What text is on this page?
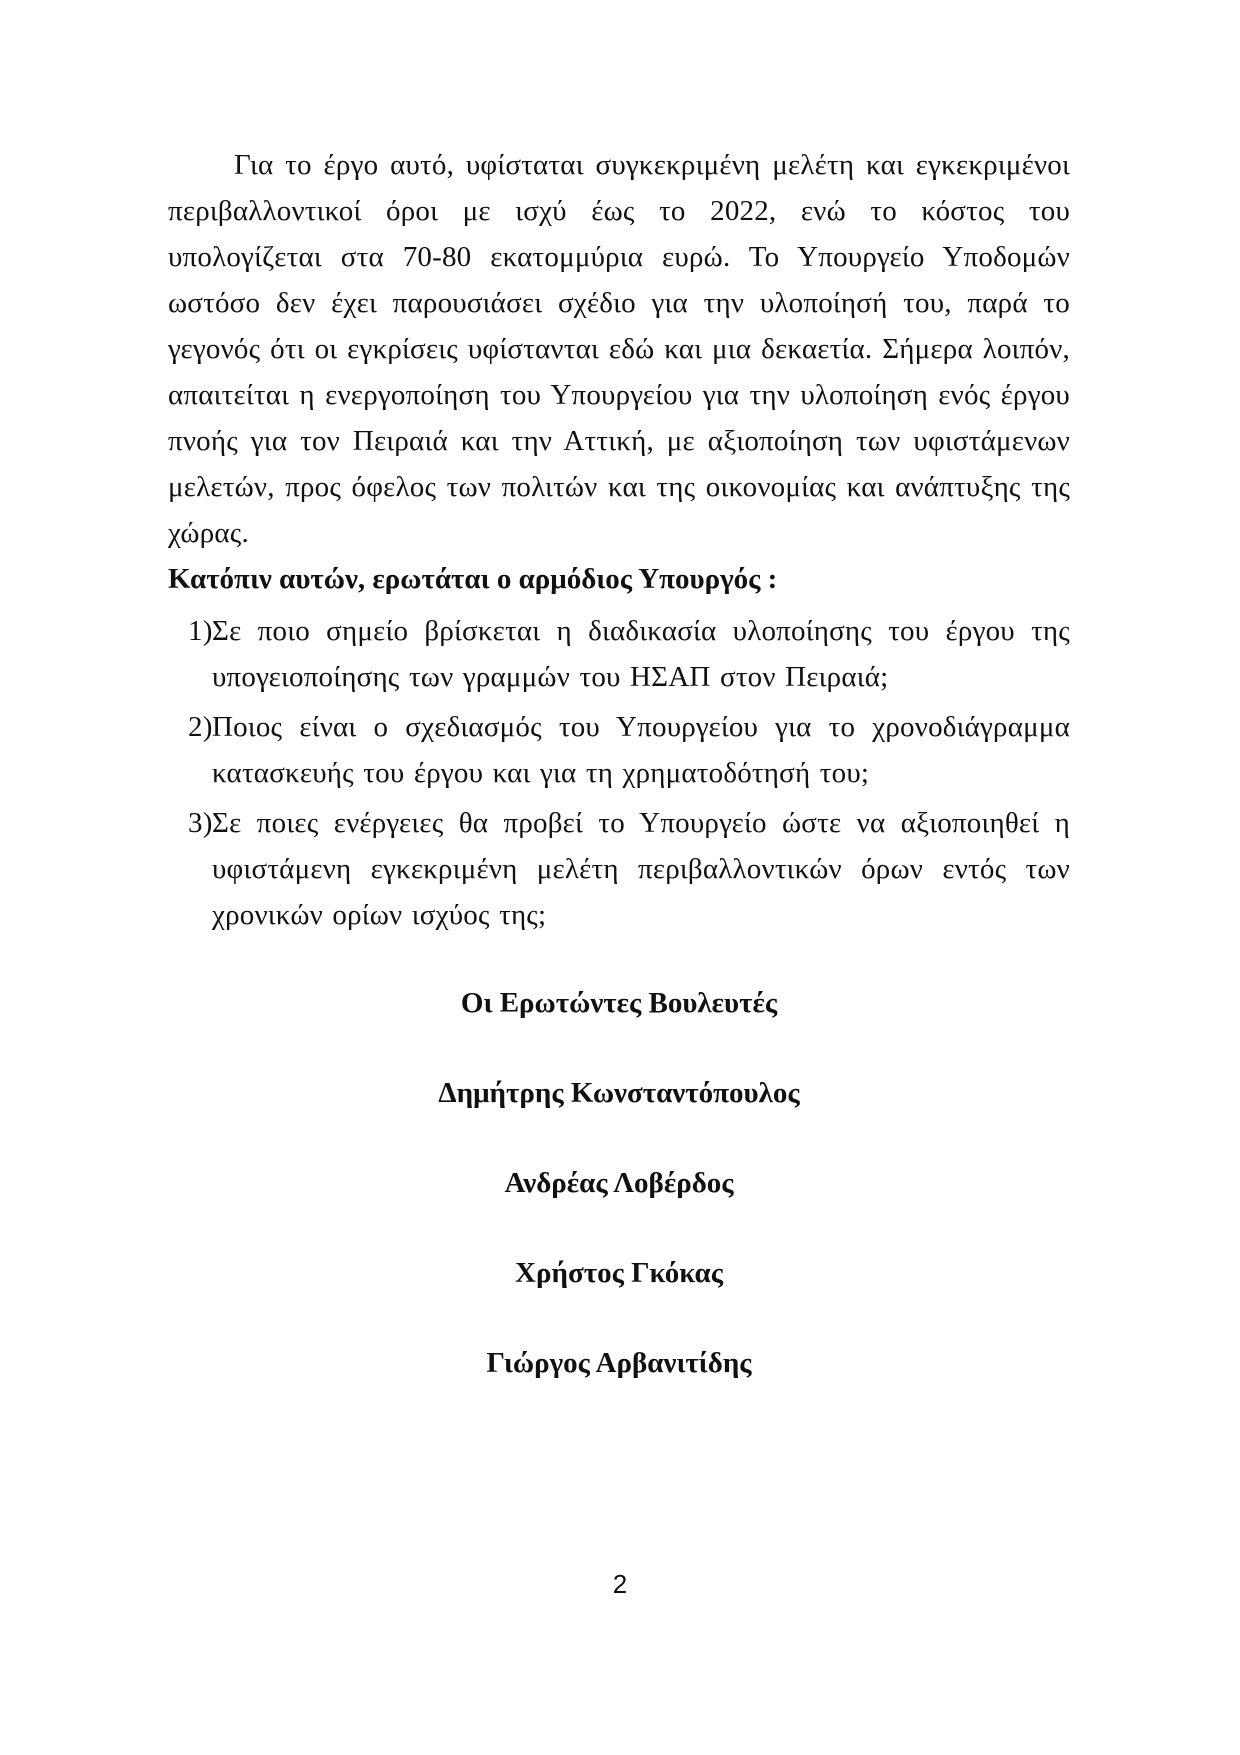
Για το έργο αυτό, υφίσταται συγκεκριμένη μελέτη και εγκεκριμένοι περιβαλλοντικοί όροι με ισχύ έως το 2022, ενώ το κόστος του υπολογίζεται στα 70-80 εκατομμύρια ευρώ. Το Υπουργείο Υποδομών ωστόσο δεν έχει παρουσιάσει σχέδιο για την υλοποίησή του, παρά το γεγονός ότι οι εγκρίσεις υφίστανται εδώ και μια δεκαετία. Σήμερα λοιπόν, απαιτείται η ενεργοποίηση του Υπουργείου για την υλοποίηση ενός έργου πνοής για τον Πειραιά και την Αττική, με αξιοποίηση των υφιστάμενων μελετών, προς όφελος των πολιτών και της οικονομίας και ανάπτυξης της χώρας.

Κατόπιν αυτών, ερωτάται ο αρμόδιος Υπουργός :

1) Σε ποιο σημείο βρίσκεται η διαδικασία υλοποίησης του έργου της υπογειοποίησης των γραμμών του ΗΣΑΠ στον Πειραιά;
2) Ποιος είναι ο σχεδιασμός του Υπουργείου για το χρονοδιάγραμμα κατασκευής του έργου και για τη χρηματοδότησή του;
3) Σε ποιες ενέργειες θα προβεί το Υπουργείο ώστε να αξιοποιηθεί η υφιστάμενη εγκεκριμένη μελέτη περιβαλλοντικών όρων εντός των χρονικών ορίων ισχύος της;

Οι Ερωτώντες Βουλευτές

Δημήτρης Κωνσταντόπουλος

Ανδρέας Λοβέρδος

Χρήστος Γκόκας

Γιώργος Αρβανιτίδης

2
